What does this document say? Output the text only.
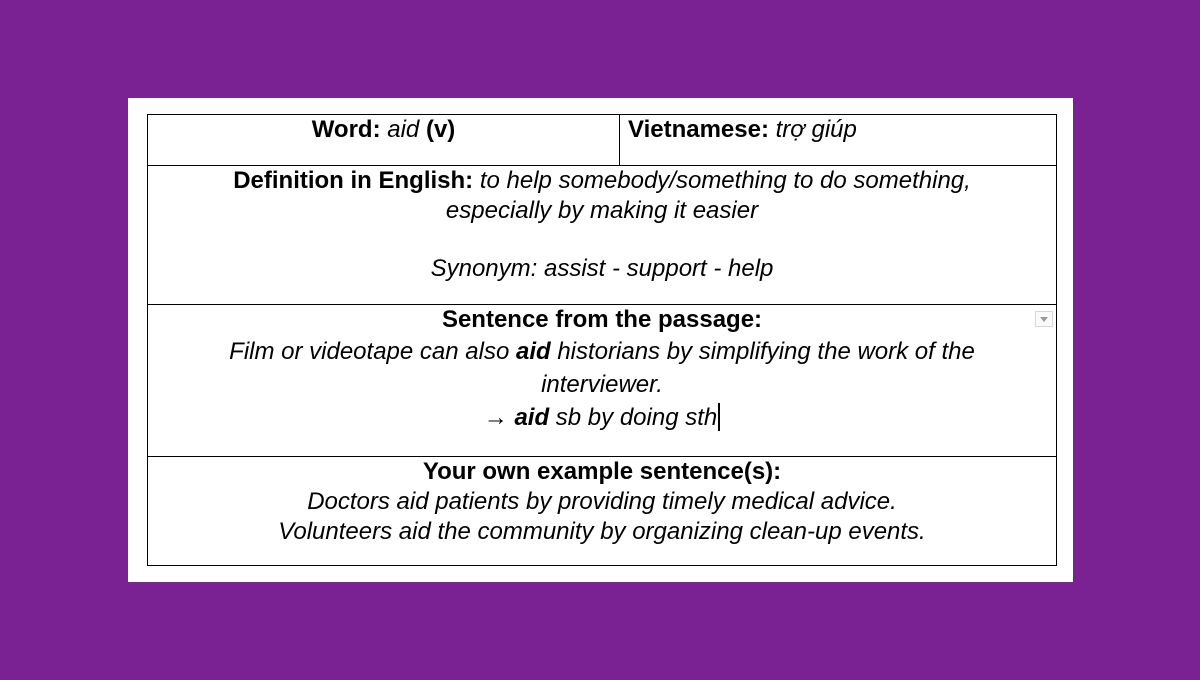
Word: aid (v)	Vietnamese: trợ giúp

Definition in English: to help somebody/something to do something,
especially by making it easier
Synonym: assist - support - help

Sentence from the passage:
Film or videotape can also aid historians by simplifying the work of the
interviewer.
→ aid sb by doing sth

Your own example sentence(s):
Doctors aid patients by providing timely medical advice.
Volunteers aid the community by organizing clean-up events.
